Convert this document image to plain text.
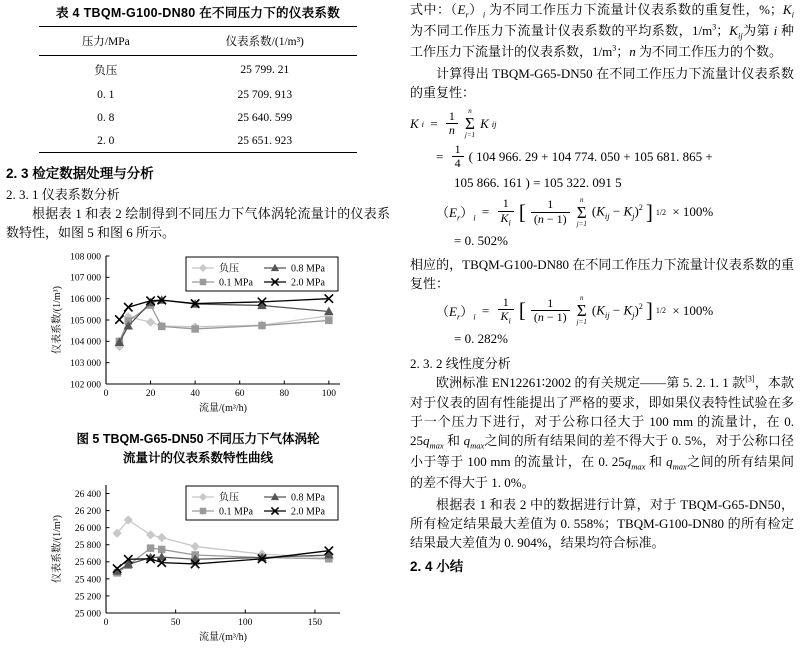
表 4 TBQM-G100-DN80 在不同压力下的仪表系数
压力/MPa	仪表系数/(1/m³)
负压	25 799. 21
0. 1	25 709. 913
0. 8	25 640. 599
2. 0	25 651. 923
2. 3 检定数据处理与分析
2. 3. 1 仪表系数分析

根据表 1 和表 2 绘制得到不同压力下气体涡轮流量计的仪表系数特性，如图 5 和图 6 所示。

102 000
103 000
104 000
105 000
106 000
107 000
108 000
0	20	40	60	80	100
流量/(m³/h)
仪表系数/(1/m³)
负压	0.8 MPa
0.1 MPa	2.0 MPa
图 5 TBQM-G65-DN50 不同压力下气体涡轮
流量计的仪表系数特性曲线
25 000
25 200
25 400
25 600
25 800
26 000
26 200
26 400
0	50	100	150
流量/(m³/h)
仪表系数/(1/m³)
负压	0.8 MPa
0.1 MPa	2.0 MPa

式中：$(E_r)_i$ 为不同工作压力下流量计仪表系数的重复性，%；$K_i$ 为不同工作压力下流量计仪表系数的平均系数，$1/m^3$；$K_{ij}$为第 i 种工作压力下流量计的仪表系数，$1/m^3$；n 为不同工作压力的个数。

计算得出 TBQM-G65-DN50 在不同工作压力下流量计仪表系数的重复性：

K $i = \frac{1}{n}$ n
Σ
j=1
K ij
= $\frac{1}{4}$ ( 104 966. 29 + 104 774. 050 + 105 681. 865 +
105 866. 161 ) = 105 322. 091 5
$(E_r)_i = \frac{1}{K_i}$ [ $\frac{1}{(n - 1)}$ n
Σ
j=1
$(K_{ij} - K_j)^2$ ] 1/2 × 100%
= 0. 502%

相应的，TBQM-G100-DN80 在不同工作压力下流量计仪表系数的重复性：

$(E_r)_i = \frac{1}{K_i}$ [ $\frac{1}{(n - 1)}$ n
Σ
j=1
$(K_{ij} - K_j)^2$ ] 1/2 × 100%
= 0. 282%
2. 3. 2 线性度分析

欧洲标准 EN12261∶2002 的有关规定——第 5. 2. 1. 1 款[3]，本款对于仪表的固有性能提出了严格的要求，即如果仪表特性试验在多于一个压力下进行，对于公称口径大于 100 mm 的流量计，在 0. $25q_{max}$ 和 $q_{max}$之间的所有结果间的差不得大于 0. 5%，对于公称口径小于等于 100 mm 的流量计，在 0. $25q_{max}$ 和 $q_{max}$之间的所有结果间的差不得大于 1. 0%。

根据表 1 和表 2 中的数据进行计算，对于 TBQM-G65-DN50，所有检定结果最大差值为 0. 558%；TBQM-G100-DN80 的所有检定结果最大差值为 0. 904%，结果均符合标准。

2. 4 小结
